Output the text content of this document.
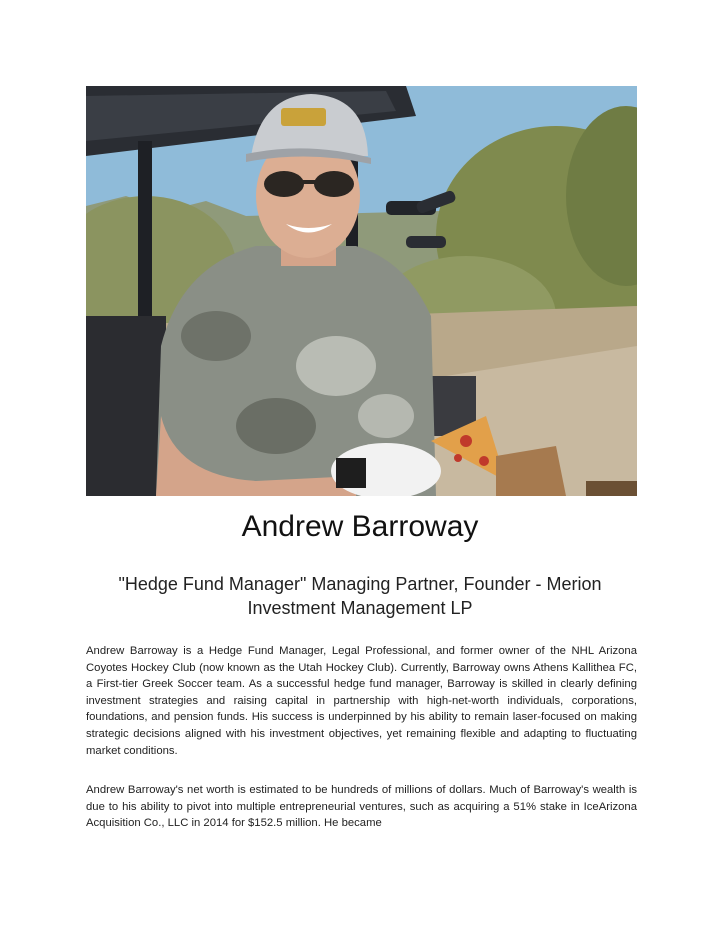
Andrew Barroway
"Hedge Fund Manager" Managing Partner, Founder - Merion Investment Management LP

Andrew Barroway is a Hedge Fund Manager, Legal Professional, and former owner of the NHL Arizona Coyotes Hockey Club (now known as the Utah Hockey Club). Currently, Barroway owns Athens Kallithea FC, a First-tier Greek Soccer team. As a successful hedge fund manager, Barroway is skilled in clearly defining investment strategies and raising capital in partnership with high-net-worth individuals, corporations, foundations, and pension funds. His success is underpinned by his ability to remain laser-focused on making strategic decisions aligned with his investment objectives, yet remaining flexible and adapting to fluctuating market conditions.

Andrew Barroway's net worth is estimated to be hundreds of millions of dollars. Much of Barroway's wealth is due to his ability to pivot into multiple entrepreneurial ventures, such as acquiring a 51% stake in IceArizona Acquisition Co., LLC in 2014 for $152.5 million. He became
